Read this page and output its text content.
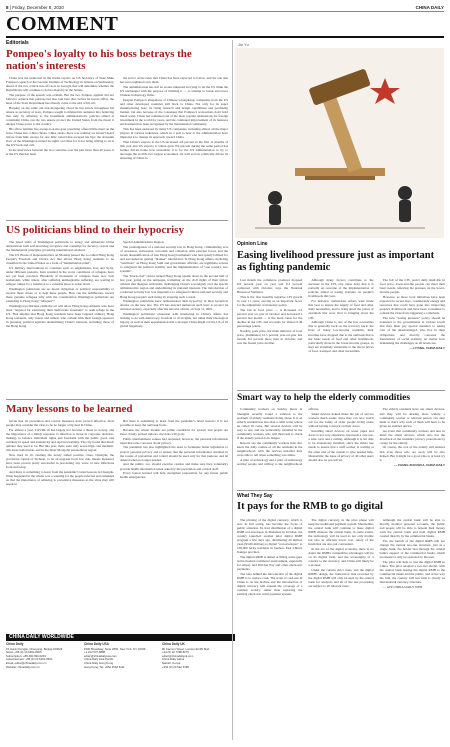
8 | Friday, December 8, 2020	CHINA DAILY
COMMENT
Editorials
Pompeo's loyalty to his boss betrays the nation's interests

China was the unelected in the media reports on US Secretary of State Mike Pompeo's speech at the Georgia Institute of Technology in Atlanta on Wednesday, ahead of the two critical run-off races in Georgia that will determine whether the Republicans will continue to hold a majority in the Senate.

The purpose of the speech was evident. But the two Pompeo applied did not failed to achieve that purpose but also laid bare that, before he leaves office, the head of the State Department has already come to the end of his wit.

Harping on the same old fear-mongering chord he has struck throughout his tenure as secretary of state, Pompeo sought to mislead his audience into believing that only by adhering to the incumbent administration's policies aimed at containing China can the two ensure protect the United States from the threat it alleges China poses to the country.

His allow familiar fire-sweep-it-at-the-gate preaching offered little meat on the bone. China lies, China cheats, China steals, there was nothing we haven't heard before from him, except for one little canard that escaped his lips: the sixteenth floor of the Washington turned its sights on China for it not being willing to sit at the US' beck and call.

In the interviews between the two countries over the past more than 40 years, it is the US that has been

the sector of the rules that China has been expected to follow, and the one that has run roughshod over them.

The administration has left no stones unturned in trying to let the US think the US unchanged with the purpose of blinding it — to attempt to break and lower Chinese technology firms.

Despite Pompeo's allegations of Chinese wrongdoing, companies from the US and other developed countries still flock to China. Not only for its super manufacturing base, its rising research and design capabilities and promising market, but also because of the consensus that Pompeo's accusations don't hold much water. China has remained one of the most popular destinations for foreign investment in the world for years, and the continued improvement of its business environment has been recognized by the international community.

This has been endorsed by many US companies, including almost all the major players in various industries, which in a poll to bear to the administration have implored it to change its approach toward China.

That China's exports to the US increased 4.6 percent in the first 11 months of this year and US exports to China grew 8.9 percent during the same period has further driven home how unrealistic it is for the US administration to try to decouple the world's two largest economies. As well as how politically driven its smearing of China is.

US politicians blind to their hypocrisy

The latest visits of Washington politicians to annoy and embarrass China demonstrate both self-deceiving arrogance and contempt for decency, reason and the fundamental principles governing international relations.

The US House of Representatives on Monday passed the so-called Hong Kong People's Freedom and Choice Act that allows Hong Kong residents to be classified in the United States as a form of "humanitarian relief".

US military interventions in countries such as Afghanistan, Iraq and Syria, under different pretexts, have resulted in the worst conditions of refugees have not yet been resolved. Hundreds of thousands of refugees there now lack homelands, while others, after suffering unimaginable suffering, are waiting in refugee camps for a transition to a valuable place to settle down.

Washington politicians see no moral obligation or political responsibility to resolve these crises, or to help these people. How can the indifference toward these genuine refugees tally with the consideration Washington politicians are extending to Hong Kong "refugees"?

Washington politicians claim the act will allow Hong Kong residents who have been "targeted for exercising their democratic freedoms" to seek refuge in the US. That implies that Hong Kong residents have been targeted ordinary Hong Kong residents, only rioters and rumors who collude with their foreign sponsors in pursuing political agendas undermining China's interests, including those of the Hong Kong

Special Administrative Region.

The promulgation of a national security law in Hong Kong, criminalizing acts of secession, subversion, terrorism and collusion with external forces and the recent disqualification of four Hong Kong lawmakers who had openly lobbied for and succeeded in getting "blanket" interference in Hong Kong affairs, including "sanctions" on Hong Kong SAR and government officials, are legitimate actions to safeguard the political stability and the implementation of "one country, two systems".

The "black-clad" rioters turned Hong Kong upside down in the second half of last year, going on the rampages, trampling on the civil rights of their fellow citizens that disagree with them, challenging China's sovereignty over the special administrative region and undermining its national interests. The introduction of a national security law was imperative to safeguard China's national security and Hong Kong people's well-being by stopping such a reach.

Washington politicians have demonstrated their hypocrisy in their hysterical attacks on the new law. The US has enacted numerous such laws to protect its national security, especially after the terrorist attacks on Sept 11, 2001.

Washington politicians' obsession with interfering in China's affairs has nothing to do with democracy, freedom or civil rights, but rather their ideological bigotry as well as their apprehension that a stronger China might rob the US of its global hegemony.

Many lessons to be learned

Given that its prevention and control measures have proved effective, most people may consider the virus to be no longer a big deal in China.

For almost a year, COVID-19 has largely not become a threat to society, and the importance of a timely response to infection to those in corporate decision-making, to balance individual rights and freedoms with the public good, and certainty in speed and extensivity and rapid traceability. The city found that much quicker they used to be. But this year, there were only seven high- and medium-risk areas nationwide, and in the Inner Mongolia autonomous region.

New rises in 10, running the newly added positive cases, Chengdu, the provincial capital of Sichuan, to be an upgrade from low risk, means measures have been proved pretty successful in preventing any wave of new infections from surfacing.

And there is something to learn from the pandemic's latest lessons in Chengdu. What happened in the winter was a warning for the people infected and reminded us that the importance of adhering to preventive measures as the virus may still sneak in.

But there is something to learn from the pandemic's latest lessons: it is not possible to keep the outbreak from...

Because the winter months are prime conditions for spread, and people are more closely packed indoors, the risks will grow.

Public entertainment venues had reopened; however, the personal information input that raise concerns about privacy.

The pandemic has also highlighted the need to formulate better legislation to protect personal privacy and to ensure that the personal information obtained in the course of prevention and control should be used only for that purpose, and be deleted when no longer needed.

And the public, too, should exercise caution and make sure they voluntarily provide health information when asked by the prevention and control staff.

Every lesson learned will help strengthen preparation for any future public health emergencies.

CHINA DAILY WORLDWIDE
China Daily
15 Huixin Dongjie, Chaoyang, Beijing 100029
News: +86 (0) 10 6491-8366
Subscription: +86 400-699-0203
Advertisement: +86 (0) 10 6491-8631
Email: editor@chinadaily.com.cn
Website: chinadaily.com.cn
China Daily USA
1500 Broadway, Suite 2800, New York, NY 10036
+1 212 537 8888
editor@chinadailyusa.com
China Daily Asia Pacific
China Daily Hong Kong
Hong Kong, Tel: +852 2518 5111
China Daily UK
90 Cannon Street, London EC4N 6HA
+44 (0) 20 7398 8270
editor@chinadailyuk.com
China Daily Africa
Nairobi, Kenya
+254 (0) 20 522 3498
Jin Yu
Opinion Line
Easing livelihood pressure just as important as fighting pandemic

Last month the commerce producer dropped 0.6 percent year on year and 0.2 percent compared with October, says the National Bureau of Statistics.

This is the first monthly negative CPI growth in over 11 years, serving as an important factor for the adjustment of monetary policy.

The fall in food price — it increased 2.2 percent year on year in October and decreased 2 percent last month — is the main cause for the decline in the CPI, and accounts for almost 0.46 percentage points.

Notably, pork price, the main indicator of food price, plummeted 12.5 percent year-on-year last month, 8.2 percent more than in October, and saw the fastest price decline.

Although many factors contribute to the decrease in the CPI, one cause deny that it is partially an outcome of the implementation of policies aimed at easing pressure on people's livelihoods this year.

For instance, tremendous efforts were made this year to ensure the supply of food and other daily necessities, and to bring down the prices of essentials that were vital to bringing down the CPI.

Although China is one of the few economies that is generally back on the recovery track, the lives of many low-income residents, their incomes have dropped due to the outbreak that is the basic needs of food and other livelihoods, particularly those in the lower-income groups, as they are extremely vulnerable to the rise in prices of food, transport and other necessities.

The fall of the CPI, pork's daily shelf-life in food price, lower-income people can meet their basic needs, relieving the pressure on the lower-income people.

However, as more local initiatives have been expected in recent days, considerably energy and resources that could have gone into improving people's livelihoods and have been consumed to contain the virus from triggering a comeback.

The new "easing pressure" policy should be extended to the governments at various levels that they must pay special attention to taking care of the disadvantaged, who live in their obligations, and directly concerns the foundations of social stability, no matter how demanding the challenges on all levels are.

— LIYANG, CHINA DAILY
Smart way to help the elderly commodities

Community workers on Sunday threw in Shanghai recently found a solution to the problem of elderly residents living alone. It is an elderly resident has less than a refill water where he called 10 cents. But several devices will be easy to use, and are particularly installed in the community workers, who will then rush to check if the elderly person is in danger.

Reports say the community workers thus also knew the daily routine of all the residents in the neighborhood, with the devices installed they were able to tell when something was amiss.

A pilot of technology and a pilot of technology serving people and willing to the neighborhood officers.

Smart devices indeed make the job of service workers much easier, since they can now watch out for the safety of older people living alone without having to knock on their doors.

Installing smart devices on water pipes and doors is not very expensive, but needs a care use, a wise card, and a ceiling. Although it is not able to be extensively installed, since the elders use needs to ensure that a staff worker is waiting at the other end of the system to give needed help. Meanwhile, the issue of privacy of all other users should also be pre-solved.

The elderly residents have our smart devices, and they will be sharing more widely, a community worker or relevant person can alert them so that's why each of them will have to be given an enabled device.

An event that community workers and new in mind the smart devices, which also has the drawback of the residents' privacy protections by caring for the elderly.

Of course, the cost of the elderly still ensures that even those who are away will be also helped. But it might be a good idea to at least try it.

— ZHANG ZHOUHUA, CHINA DAILY
What They Say
It pays for the RMB to go digital

The piloting of the digital currency, which is now in full swing, has become the focus of public attention. Its trial distribution of a digital RMB red envelopes in Shenzhen in October, the country launched another pilot digital RMB program a few days ago, distributing 20 million yuan ($3.06 million) to digital "red envelopes" to 100,000 lucky residents in Suzhou, East China's Jiangsu province.

The digital RMB is aimed at filling some gaps in the modern commerce environment, especially for Alipay and WeChat Pay and other electronic payments.

The idea behind the introduction of the digital RMB is to replace cash. The scale of cash use in China is on the decline and the introduction of digital currency will expand the coverage of a cashless society, rather than replacing the existing electronic retail payment system.

The digital currency in the pilot phase will keep the traditional payment system. Meanwhile, the central bank will continue to issue digital RMB whereas the central bank, in some extent, the technology will be used to not only mobile but also an efficient lower cost, safety of the funds that are also put convenient.

In the era of the digital economy, there is no doubt the RMB's competitive advantages will lie on its digital form, and the sovereignty of a country to the currency, and China will likely be a pioneer.

Under the current strict rules, and the digital RMB's design, the transaction data recorded by the digital RMB will only be used by the central bank for analysis, and all of the use processing are subject to all relevant rules.

Although the central bank will be able to directly monitor personal accounts, the public and people will be able to deposit their money with the central bank and hold digital RMB created directly by the commercial banks.

Yet, the launch of the digital RMB will not change the current two-tier structure, just as a single bank, the holder that through the central bank's support of the commercial banks, which are meant to only be operated by the user.

The pilot will help to test the digital RMB in China. The pilot adopted a two-tier model, with the central bank issuing the digital RMB to the commercial banks and the public, and of the way the trial, the country will run what is clearly an international currency structure.

— APP CHINA DAILY WEB
